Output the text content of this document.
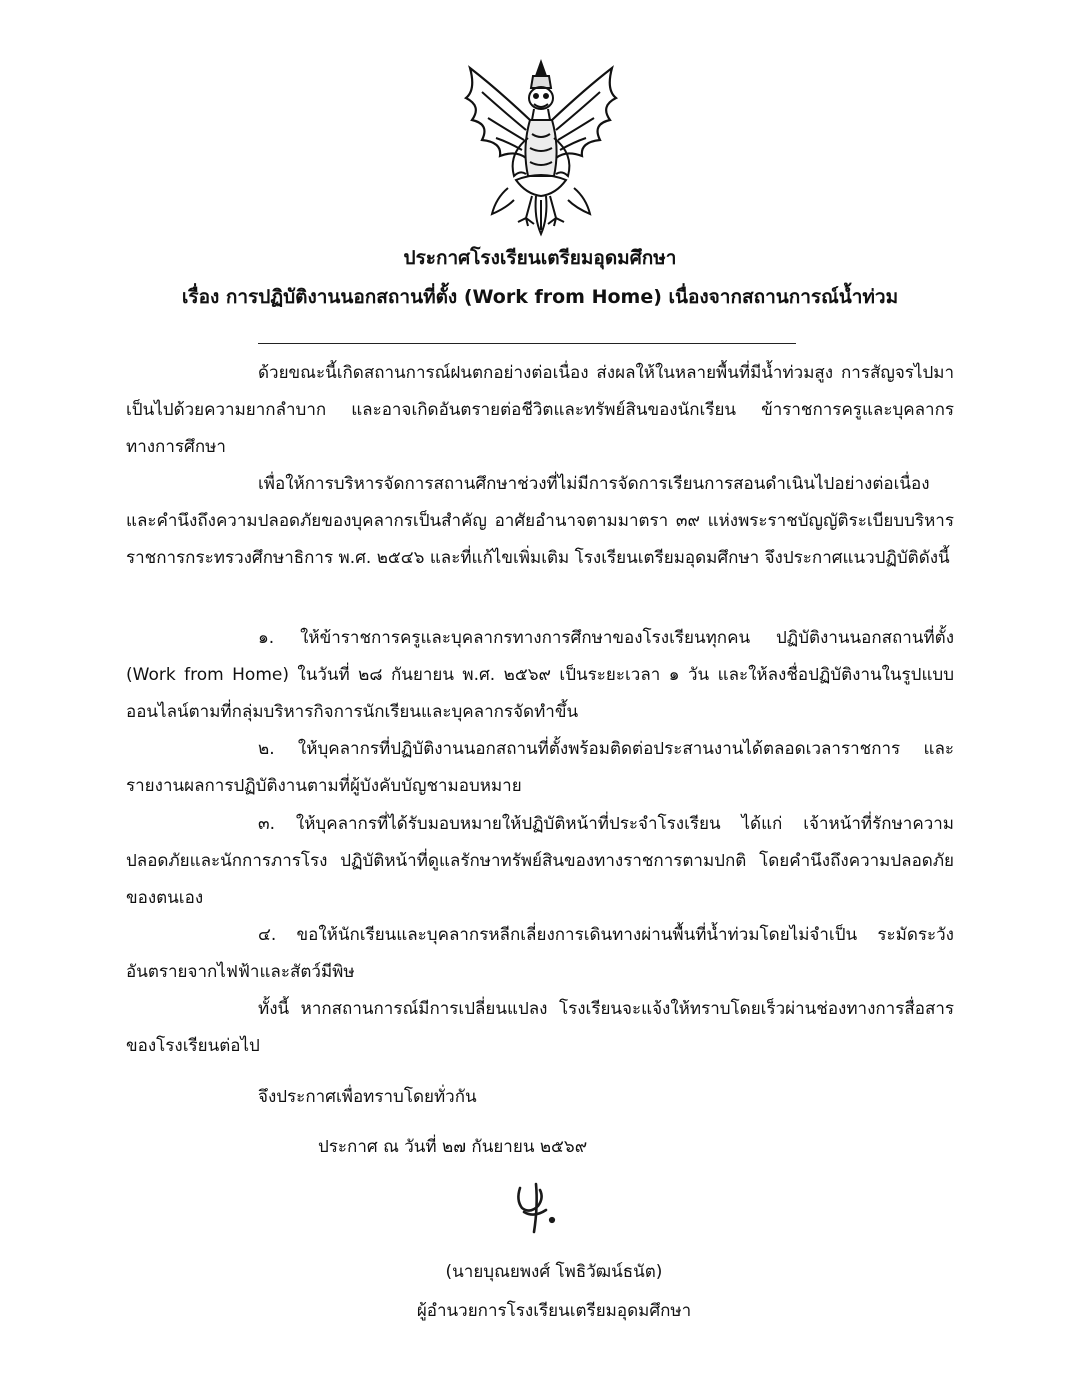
ประกาศโรงเรียนเตรียมอุดมศึกษา
เรื่อง การปฏิบัติงานนอกสถานที่ตั้ง (Work from Home) เนื่องจากสถานการณ์น้ำท่วม

ด้วยขณะนี้เกิดสถานการณ์ฝนตกอย่างต่อเนื่อง ส่งผลให้ในหลายพื้นที่มีน้ำท่วมสูง การสัญจรไปมาเป็นไปด้วยความยากลำบาก และอาจเกิดอันตรายต่อชีวิตและทรัพย์สินของนักเรียน ข้าราชการครูและบุคลากรทางการศึกษา

เพื่อให้การบริหารจัดการสถานศึกษาช่วงที่ไม่มีการจัดการเรียนการสอนดำเนินไปอย่างต่อเนื่อง และคำนึงถึงความปลอดภัยของบุคลากรเป็นสำคัญ อาศัยอำนาจตามมาตรา ๓๙ แห่งพระราชบัญญัติระเบียบบริหารราชการกระทรวงศึกษาธิการ พ.ศ. ๒๕๔๖ และที่แก้ไขเพิ่มเติม โรงเรียนเตรียมอุดมศึกษา จึงประกาศแนวปฏิบัติดังนี้

๑. ให้ข้าราชการครูและบุคลากรทางการศึกษาของโรงเรียนทุกคน ปฏิบัติงานนอกสถานที่ตั้ง (Work from Home) ในวันที่ ๒๘ กันยายน พ.ศ. ๒๕๖๙ เป็นระยะเวลา ๑ วัน และให้ลงชื่อปฏิบัติงานในรูปแบบออนไลน์ตามที่กลุ่มบริหารกิจการนักเรียนและบุคลากรจัดทำขึ้น

๒. ให้บุคลากรที่ปฏิบัติงานนอกสถานที่ตั้งพร้อมติดต่อประสานงานได้ตลอดเวลาราชการ และรายงานผลการปฏิบัติงานตามที่ผู้บังคับบัญชามอบหมาย

๓. ให้บุคลากรที่ได้รับมอบหมายให้ปฏิบัติหน้าที่ประจำโรงเรียน ได้แก่ เจ้าหน้าที่รักษาความปลอดภัยและนักการภารโรง ปฏิบัติหน้าที่ดูแลรักษาทรัพย์สินของทางราชการตามปกติ โดยคำนึงถึงความปลอดภัยของตนเอง

๔. ขอให้นักเรียนและบุคลากรหลีกเลี่ยงการเดินทางผ่านพื้นที่น้ำท่วมโดยไม่จำเป็น ระมัดระวังอันตรายจากไฟฟ้าและสัตว์มีพิษ

ทั้งนี้ หากสถานการณ์มีการเปลี่ยนแปลง โรงเรียนจะแจ้งให้ทราบโดยเร็วผ่านช่องทางการสื่อสารของโรงเรียนต่อไป

จึงประกาศเพื่อทราบโดยทั่วกัน
ประกาศ ณ วันที่ ๒๗ กันยายน ๒๕๖๙
(นายบุณยพงศ์ โพธิวัฒน์ธนัต)
ผู้อำนวยการโรงเรียนเตรียมอุดมศึกษา
